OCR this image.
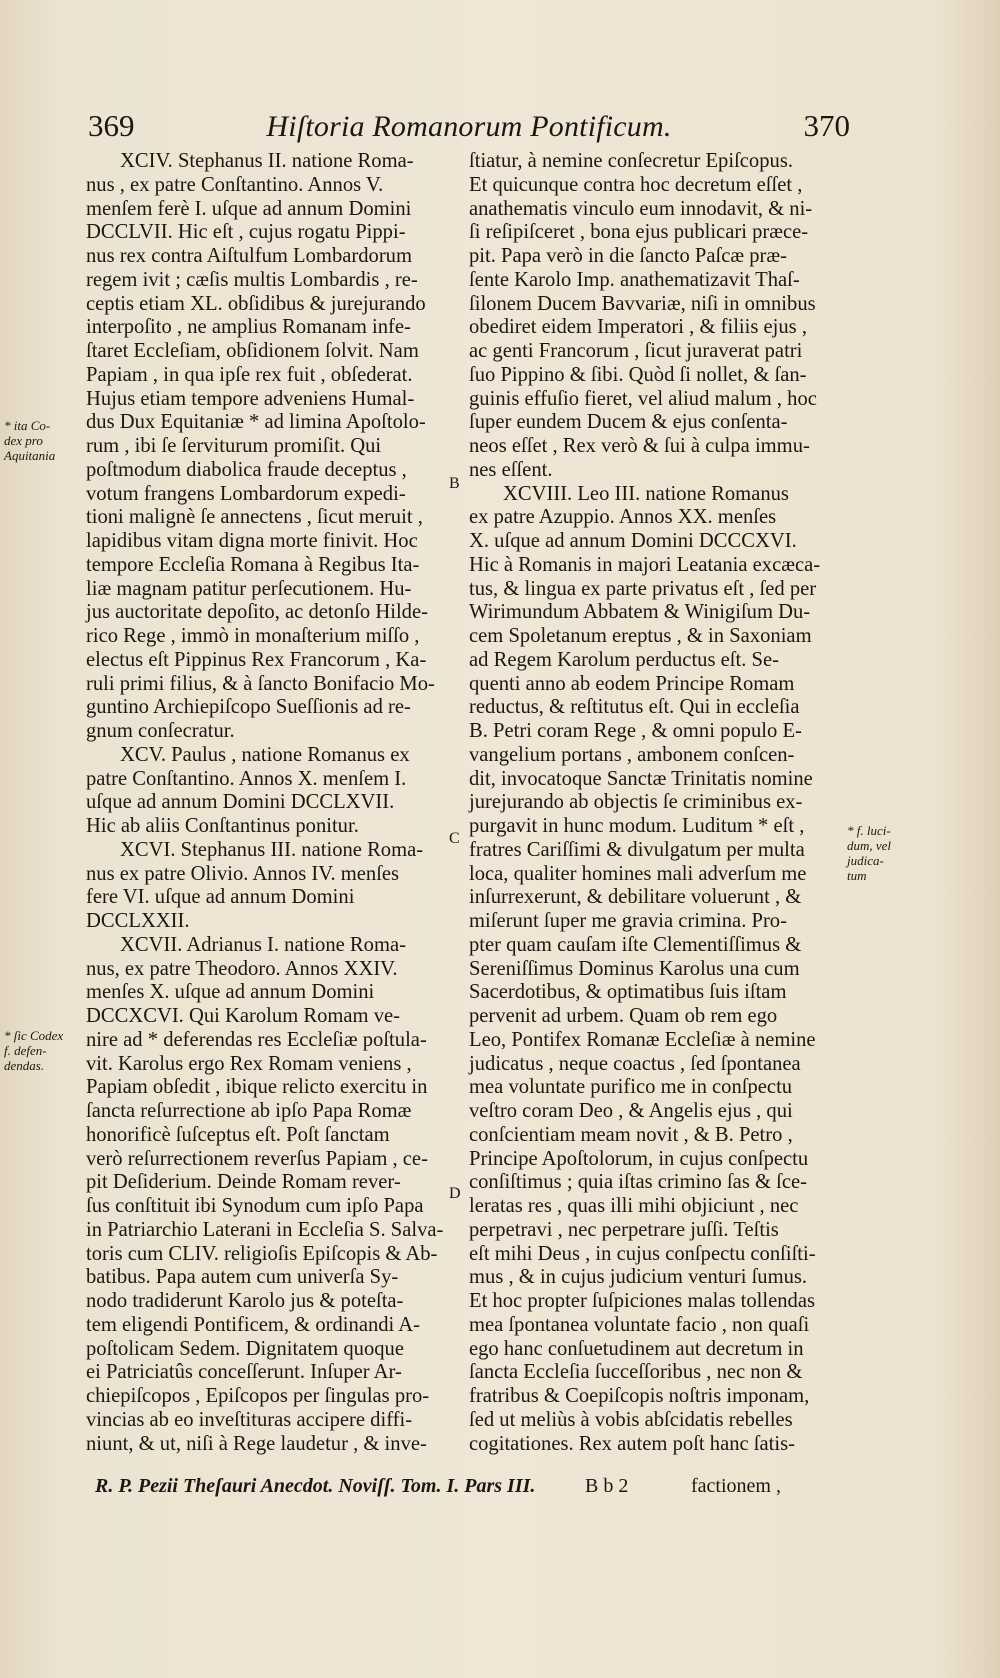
369	Hiſtoria Romanorum Pontificum.	370
XCIV. Stephanus II. natione Roma-
nus , ex patre Conſtantino. Annos V.
menſem ferè I. uſque ad annum Domini
DCCLVII. Hic eſt , cujus rogatu Pippi-
nus rex contra Aiſtulfum Lombardorum
regem ivit ; cæſis multis Lombardis , re-
ceptis etiam XL. obſidibus & jurejurando
interpoſito , ne amplius Romanam infe-
ſtaret Eccleſiam, obſidionem ſolvit. Nam
Papiam , in qua ipſe rex fuit , obſederat.
Hujus etiam tempore adveniens Humal-
dus Dux Equitaniæ * ad limina Apoſtolo-
rum , ibi ſe ſerviturum promiſit. Qui
poſtmodum diabolica fraude deceptus ,
votum frangens Lombardorum expedi-
tioni malignè ſe annectens , ſicut meruit ,
lapidibus vitam digna morte finivit. Hoc
tempore Eccleſia Romana à Regibus Ita-
liæ magnam patitur perſecutionem. Hu-
jus auctoritate depoſito, ac detonſo Hilde-
rico Rege , immò in monaſterium miſſo ,
electus eſt Pippinus Rex Francorum , Ka-
ruli primi filius, & à ſancto Bonifacio Mo-
guntino Archiepiſcopo Sueſſionis ad re-
gnum conſecratur.
XCV. Paulus , natione Romanus ex
patre Conſtantino. Annos X. menſem I.
uſque ad annum Domini DCCLXVII.
Hic ab aliis Conſtantinus ponitur.
XCVI. Stephanus III. natione Roma-
nus ex patre Olivio. Annos IV. menſes
fere VI. uſque ad annum Domini
DCCLXXII.
XCVII. Adrianus I. natione Roma-
nus, ex patre Theodoro. Annos XXIV.
menſes X. uſque ad annum Domini
DCCXCVI. Qui Karolum Romam ve-
nire ad * deferendas res Eccleſiæ poſtula-
vit. Karolus ergo Rex Romam veniens ,
Papiam obſedit , ibique relicto exercitu in
ſancta reſurrectione ab ipſo Papa Romæ
honorificè ſuſceptus eſt. Poſt ſanctam
verò reſurrectionem reverſus Papiam , ce-
pit Deſiderium. Deinde Romam rever-
ſus conſtituit ibi Synodum cum ipſo Papa
in Patriarchio Laterani in Eccleſia S. Salva-
toris cum CLIV. religioſis Epiſcopis & Ab-
batibus. Papa autem cum univerſa Sy-
nodo tradiderunt Karolo jus & poteſta-
tem eligendi Pontificem, & ordinandi A-
poſtolicam Sedem. Dignitatem quoque
ei Patriciatûs conceſſerunt. Inſuper Ar-
chiepiſcopos , Epiſcopos per ſingulas pro-
vincias ab eo inveſtituras accipere diffi-
niunt, & ut, niſi à Rege laudetur , & inve-
ſtiatur, à nemine conſecretur Epiſcopus.
Et quicunque contra hoc decretum eſſet ,
anathematis vinculo eum innodavit, & ni-
ſi reſipiſceret , bona ejus publicari præce-
pit. Papa verò in die ſancto Paſcæ præ-
ſente Karolo Imp. anathematizavit Thaſ-
ſilonem Ducem Bavvariæ, niſi in omnibus
obediret eidem Imperatori , & filiis ejus ,
ac genti Francorum , ſicut juraverat patri
ſuo Pippino & ſibi. Quòd ſi nollet, & ſan-
guinis effuſio fieret, vel aliud malum , hoc
ſuper eundem Ducem & ejus conſenta-
neos eſſet , Rex verò & ſui à culpa immu-
nes eſſent.
XCVIII. Leo III. natione Romanus
ex patre Azuppio. Annos XX. menſes
X. uſque ad annum Domini DCCCXVI.
Hic à Romanis in majori Leatania excæca-
tus, & lingua ex parte privatus eſt , ſed per
Wirimundum Abbatem & Winigiſum Du-
cem Spoletanum ereptus , & in Saxoniam
ad Regem Karolum perductus eſt. Se-
quenti anno ab eodem Principe Romam
reductus, & reſtitutus eſt. Qui in eccleſia
B. Petri coram Rege , & omni populo E-
vangelium portans , ambonem conſcen-
dit, invocatoque Sanctæ Trinitatis nomine
jurejurando ab objectis ſe criminibus ex-
purgavit in hunc modum. Luditum * eſt ,
fratres Cariſſimi & divulgatum per multa
loca, qualiter homines mali adverſum me
inſurrexerunt, & debilitare voluerunt , &
miſerunt ſuper me gravia crimina. Pro-
pter quam cauſam iſte Clementiſſimus &
Sereniſſimus Dominus Karolus una cum
Sacerdotibus, & optimatibus ſuis iſtam
pervenit ad urbem. Quam ob rem ego
Leo, Pontifex Romanæ Eccleſiæ à nemine
judicatus , neque coactus , ſed ſpontanea
mea voluntate purifico me in conſpectu
veſtro coram Deo , & Angelis ejus , qui
conſcientiam meam novit , & B. Petro ,
Principe Apoſtolorum, in cujus conſpectu
conſiſtimus ; quia iſtas crimino ſas & ſce-
leratas res , quas illi mihi objiciunt , nec
perpetravi , nec perpetrare juſſi. Teſtis
eſt mihi Deus , in cujus conſpectu conſiſti-
mus , & in cujus judicium venturi ſumus.
Et hoc propter ſuſpiciones malas tollendas
mea ſpontanea voluntate facio , non quaſi
ego hanc conſuetudinem aut decretum in
ſancta Eccleſia ſucceſſoribus , nec non &
fratribus & Coepiſcopis noſtris imponam,
ſed ut meliùs à vobis abſcidatis rebelles
cogitationes. Rex autem poſt hanc ſatis-
B
C
D
* ita Co-
dex pro
Aquitania
* ſic Codex
f. defen-
dendas.
* f. luci-
dum, vel
judica-
tum
R. P. Pezii Theſauri Anecdot. Noviſſ. Tom. I. Pars III. B b 2	factionem ,
